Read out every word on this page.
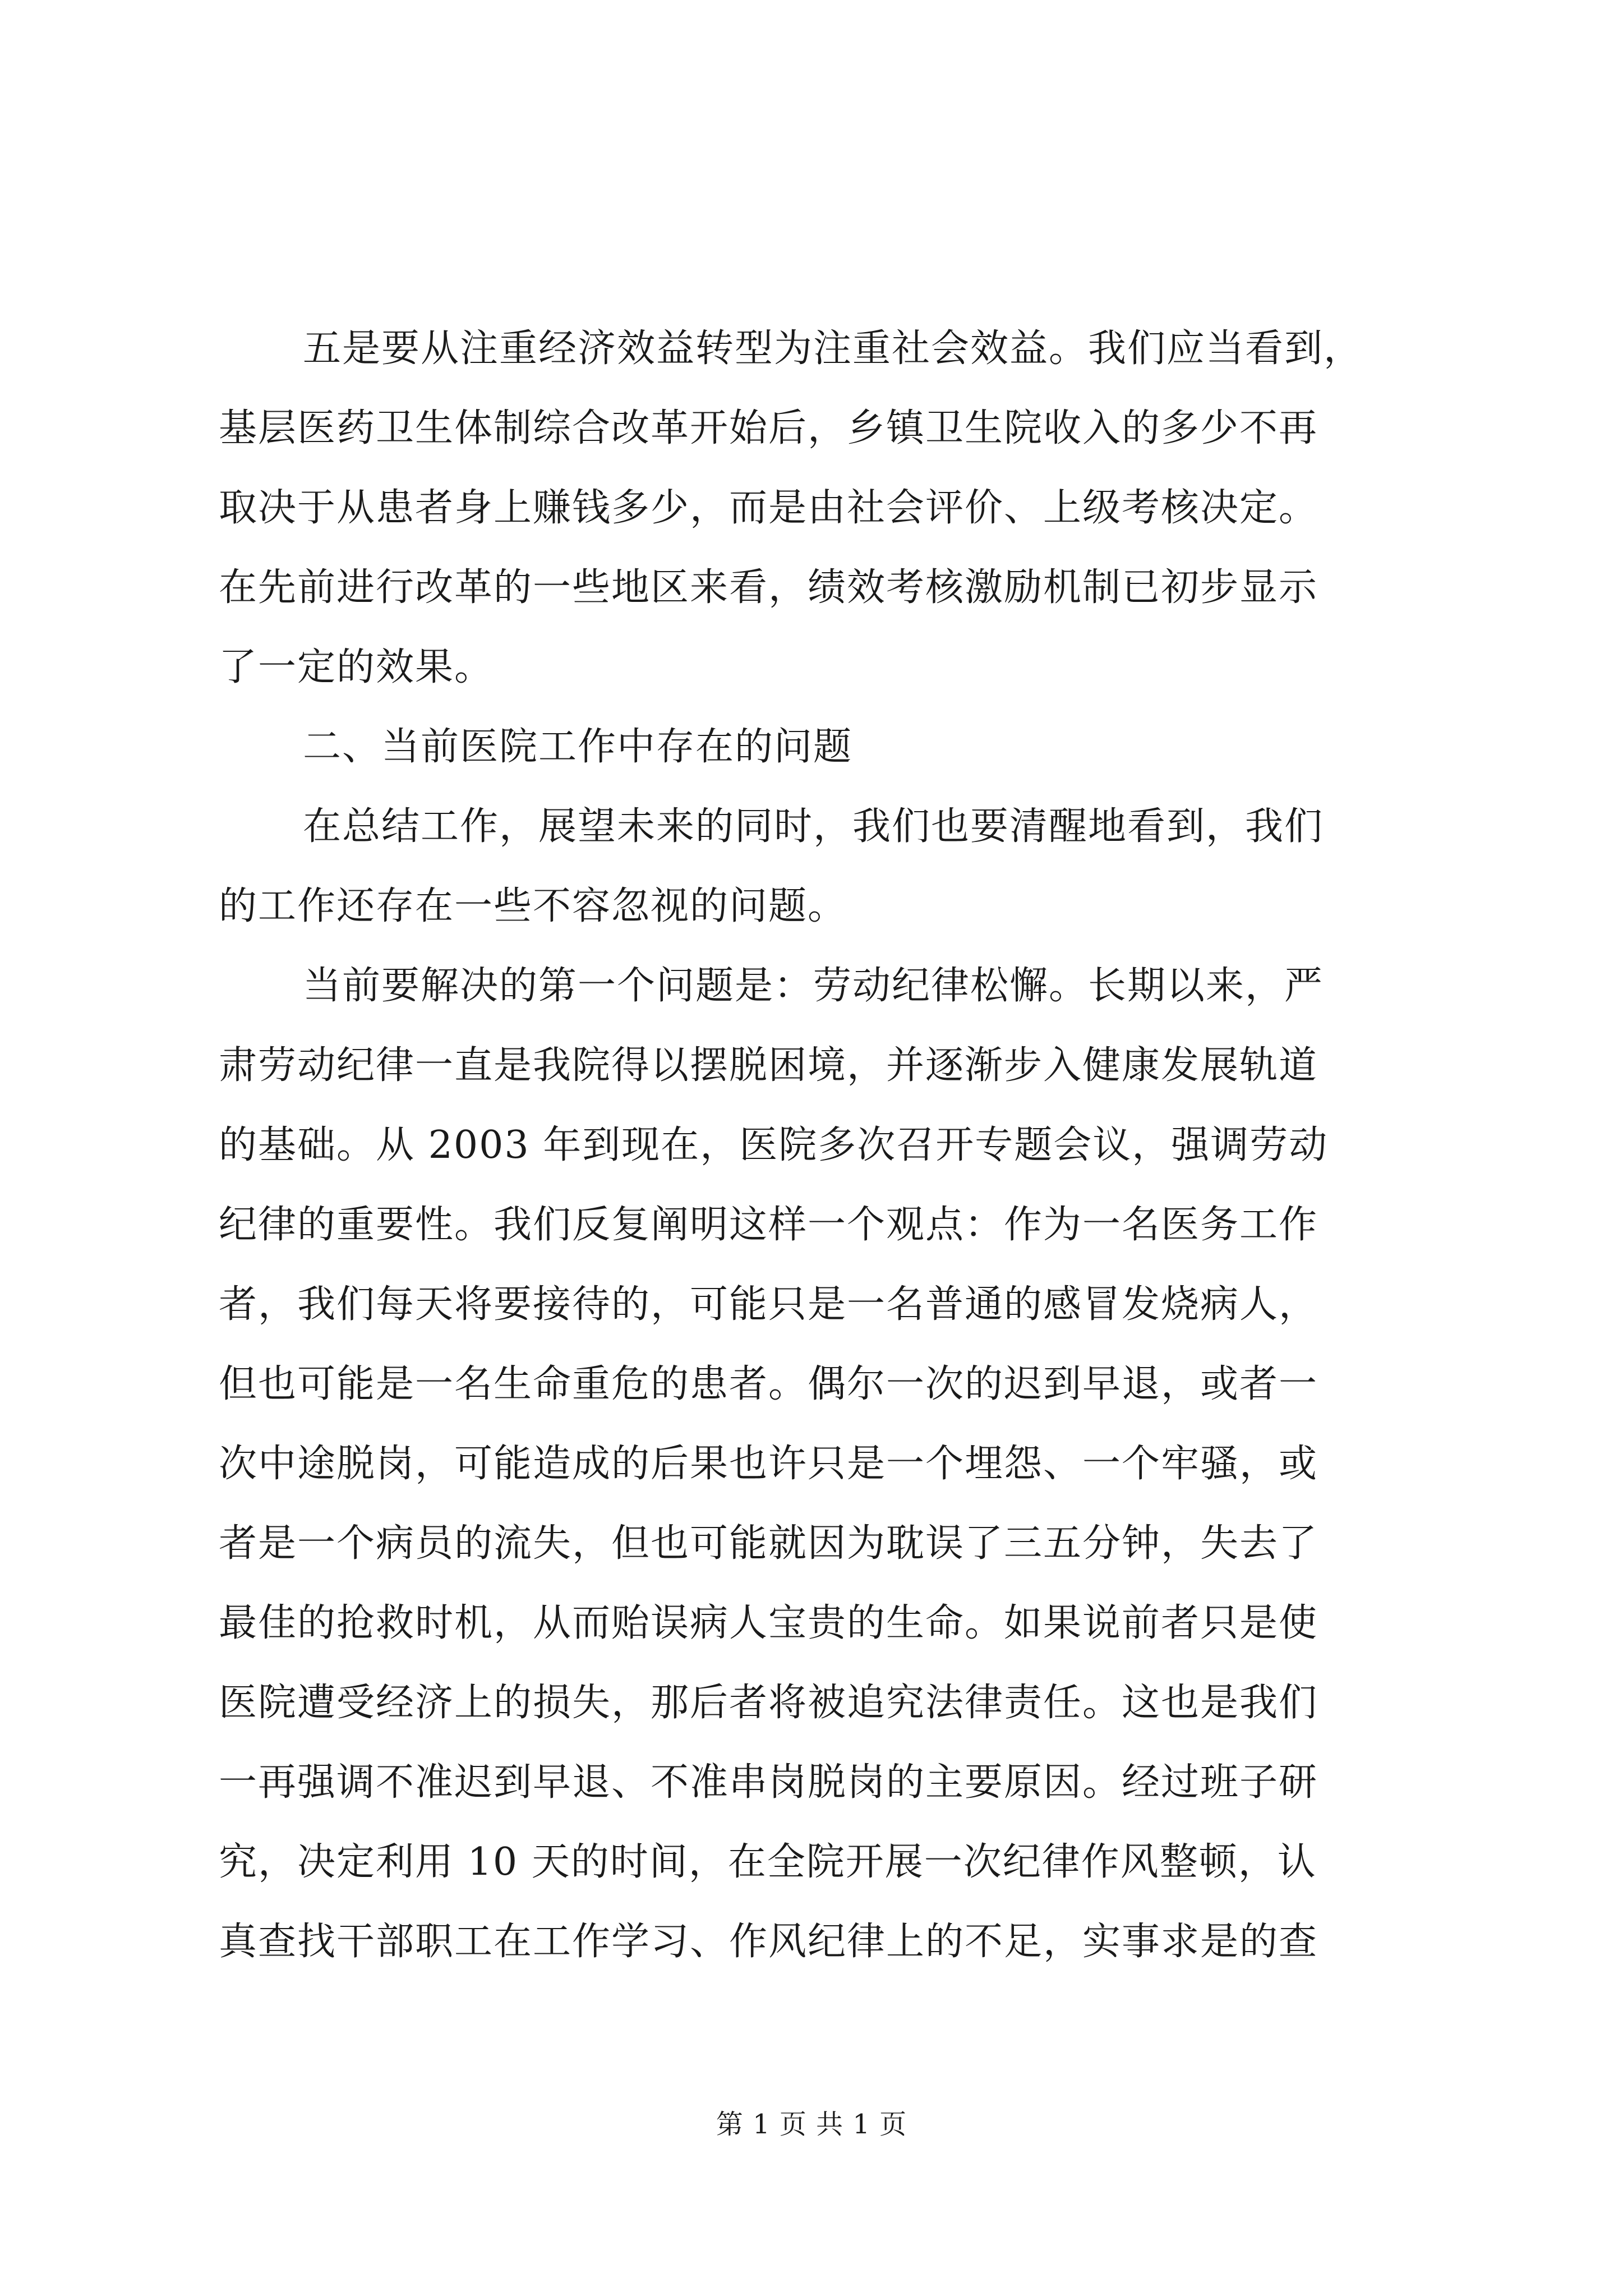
五是要从注重经济效益转型为注重社会效益。我们应当看到，
基层医药卫生体制综合改革开始后，乡镇卫生院收入的多少不再
取决于从患者身上赚钱多少，而是由社会评价、上级考核决定。
在先前进行改革的一些地区来看，绩效考核激励机制已初步显示
了一定的效果。
二、当前医院工作中存在的问题
在总结工作，展望未来的同时，我们也要清醒地看到，我们
的工作还存在一些不容忽视的问题。
当前要解决的第一个问题是：劳动纪律松懈。长期以来，严
肃劳动纪律一直是我院得以摆脱困境，并逐渐步入健康发展轨道
的基础。从 2003 年到现在，医院多次召开专题会议，强调劳动
纪律的重要性。我们反复阐明这样一个观点：作为一名医务工作
者，我们每天将要接待的，可能只是一名普通的感冒发烧病人，
但也可能是一名生命重危的患者。偶尔一次的迟到早退，或者一
次中途脱岗，可能造成的后果也许只是一个埋怨、一个牢骚，或
者是一个病员的流失，但也可能就因为耽误了三五分钟，失去了
最佳的抢救时机，从而贻误病人宝贵的生命。如果说前者只是使
医院遭受经济上的损失，那后者将被追究法律责任。这也是我们
一再强调不准迟到早退、不准串岗脱岗的主要原因。经过班子研
究，决定利用 10 天的时间，在全院开展一次纪律作风整顿，认
真查找干部职工在工作学习、作风纪律上的不足，实事求是的查
第 1 页 共 1 页
